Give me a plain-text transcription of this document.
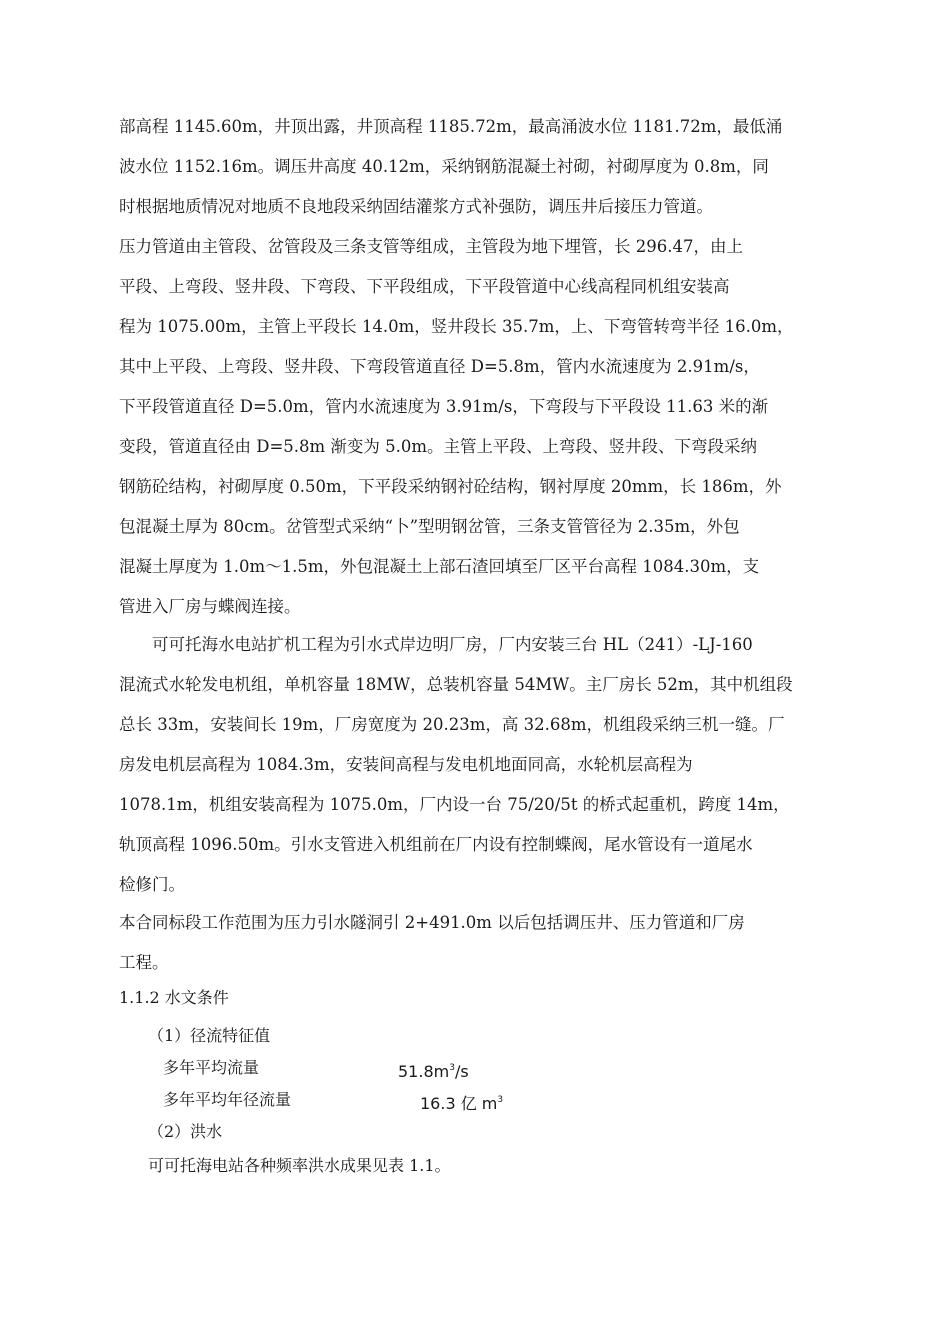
部高程 1145.60m，井顶出露，井顶高程 1185.72m，最高涌波水位 1181.72m，最低涌
波水位 1152.16m。调压井高度 40.12m，采纳钢筋混凝土衬砌，衬砌厚度为 0.8m，同
时根据地质情况对地质不良地段采纳固结灌浆方式补强防，调压井后接压力管道。
压力管道由主管段、岔管段及三条支管等组成，主管段为地下埋管，长 296.47，由上
平段、上弯段、竖井段、下弯段、下平段组成，下平段管道中心线高程同机组安装高
程为 1075.00m，主管上平段长 14.0m，竖井段长 35.7m，上、下弯管转弯半径 16.0m，
其中上平段、上弯段、竖井段、下弯段管道直径 D=5.8m，管内水流速度为 2.91m/s，
下平段管道直径 D=5.0m，管内水流速度为 3.91m/s，下弯段与下平段设 11.63 米的渐
变段，管道直径由 D=5.8m 渐变为 5.0m。主管上平段、上弯段、竖井段、下弯段采纳
钢筋砼结构，衬砌厚度 0.50m，下平段采纳钢衬砼结构，钢衬厚度 20mm，长 186m，外
包混凝土厚为 80cm。岔管型式采纳“卜”型明钢岔管，三条支管管径为 2.35m，外包
混凝土厚度为 1.0m～1.5m，外包混凝土上部石渣回填至厂区平台高程 1084.30m，支
管进入厂房与蝶阀连接。
可可托海水电站扩机工程为引水式岸边明厂房，厂内安装三台 HL（241）-LJ-160
混流式水轮发电机组，单机容量 18MW，总装机容量 54MW。主厂房长 52m，其中机组段
总长 33m，安装间长 19m，厂房宽度为 20.23m，高 32.68m，机组段采纳三机一缝。厂
房发电机层高程为 1084.3m，安装间高程与发电机地面同高，水轮机层高程为
1078.1m，机组安装高程为 1075.0m，厂内设一台 75/20/5t 的桥式起重机，跨度 14m，
轨顶高程 1096.50m。引水支管进入机组前在厂内设有控制蝶阀，尾水管设有一道尾水
检修门。
本合同标段工作范围为压力引水隧洞引 2+491.0m 以后包括调压井、压力管道和厂房
工程。
1.1.2 水文条件
（1）径流特征值
多年平均流量	$51.8m^3/s$
多年平均年径流量	16.3 亿 $m^3$
（2）洪水
可可托海电站各种频率洪水成果见表 1.1。
